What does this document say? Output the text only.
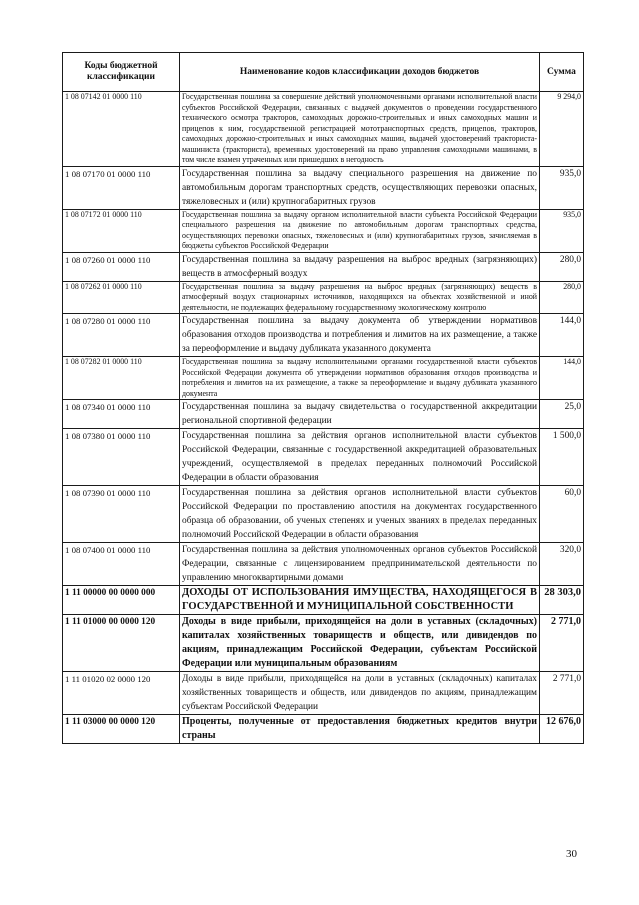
Коды бюджетной классификации	Наименование кодов классификации доходов бюджетов	Сумма
1 08 07142 01 0000 110	Государственная пошлина за совершение действий уполномоченными органами исполнительной власти субъектов Российской Федерации, связанных с выдачей документов о проведении государственного технического осмотра тракторов, самоходных дорожно-строительных и иных самоходных машин и прицепов к ним, государственной регистрацией мототранспортных средств, прицепов, тракторов, самоходных дорожно-строительных и иных самоходных машин, выдачей удостоверений тракториста-машиниста (тракториста), временных удостоверений на право управления самоходными машинами, в том числе взамен утраченных или пришедших в негодность	9 294,0
1 08 07170 01 0000 110	Государственная пошлина за выдачу специального разрешения на движение по автомобильным дорогам транспортных средств, осуществляющих перевозки опасных, тяжеловесных и (или) крупногабаритных грузов	935,0
1 08 07172 01 0000 110	Государственная пошлина за выдачу органом исполнительной власти субъекта Российской Федерации специального разрешения на движение по автомобильным дорогам транспортных средства, осуществляющих перевозки опасных, тяжеловесных и (или) крупногабаритных грузов, зачисляемая в бюджеты субъектов Российской Федерации	935,0
1 08 07260 01 0000 110	Государственная пошлина за выдачу разрешения на выброс вредных (загрязняющих) веществ в атмосферный воздух	280,0
1 08 07262 01 0000 110	Государственная пошлина за выдачу разрешения на выброс вредных (загрязняющих) веществ в атмосферный воздух стационарных источников, находящихся на объектах хозяйственной и иной деятельности, не подлежащих федеральному государственному экологическому контролю	280,0
1 08 07280 01 0000 110	Государственная пошлина за выдачу документа об утверждении нормативов образования отходов производства и потребления и лимитов на их размещение, а также за переоформление и выдачу дубликата указанного документа	144,0
1 08 07282 01 0000 110	Государственная пошлина за выдачу исполнительными органами государственной власти субъектов Российской Федерации документа об утверждении нормативов образования отходов производства и потребления и лимитов на их размещение, а также за переоформление и выдачу дубликата указанного документа	144,0
1 08 07340 01 0000 110	Государственная пошлина за выдачу свидетельства о государственной аккредитации региональной спортивной федерации	25,0
1 08 07380 01 0000 110	Государственная пошлина за действия органов исполнительной власти субъектов Российской Федерации, связанные с государственной аккредитацией образовательных учреждений, осуществляемой в пределах переданных полномочий Российской Федерации в области образования	1 500,0
1 08 07390 01 0000 110	Государственная пошлина за действия органов исполнительной власти субъектов Российской Федерации по проставлению апостиля на документах государственного образца об образовании, об ученых степенях и ученых званиях в пределах переданных полномочий Российской Федерации в области образования	60,0
1 08 07400 01 0000 110	Государственная пошлина за действия уполномоченных органов субъектов Российской Федерации, связанные с лицензированием предпринимательской деятельности по управлению многоквартирными домами	320,0
1 11 00000 00 0000 000	ДОХОДЫ ОТ ИСПОЛЬЗОВАНИЯ ИМУЩЕСТВА, НАХОДЯЩЕГОСЯ В ГОСУДАРСТВЕННОЙ И МУНИЦИПАЛЬНОЙ СОБСТВЕННОСТИ	28 303,0
1 11 01000 00 0000 120	Доходы в виде прибыли, приходящейся на доли в уставных (складочных) капиталах хозяйственных товариществ и обществ, или дивидендов по акциям, принадлежащим Российской Федерации, субъектам Российской Федерации или муниципальным образованиям	2 771,0
1 11 01020 02 0000 120	Доходы в виде прибыли, приходящейся на доли в уставных (складочных) капиталах хозяйственных товариществ и обществ, или дивидендов по акциям, принадлежащим субъектам Российской Федерации	2 771,0
1 11 03000 00 0000 120	Проценты, полученные от предоставления бюджетных кредитов внутри страны	12 676,0
30
